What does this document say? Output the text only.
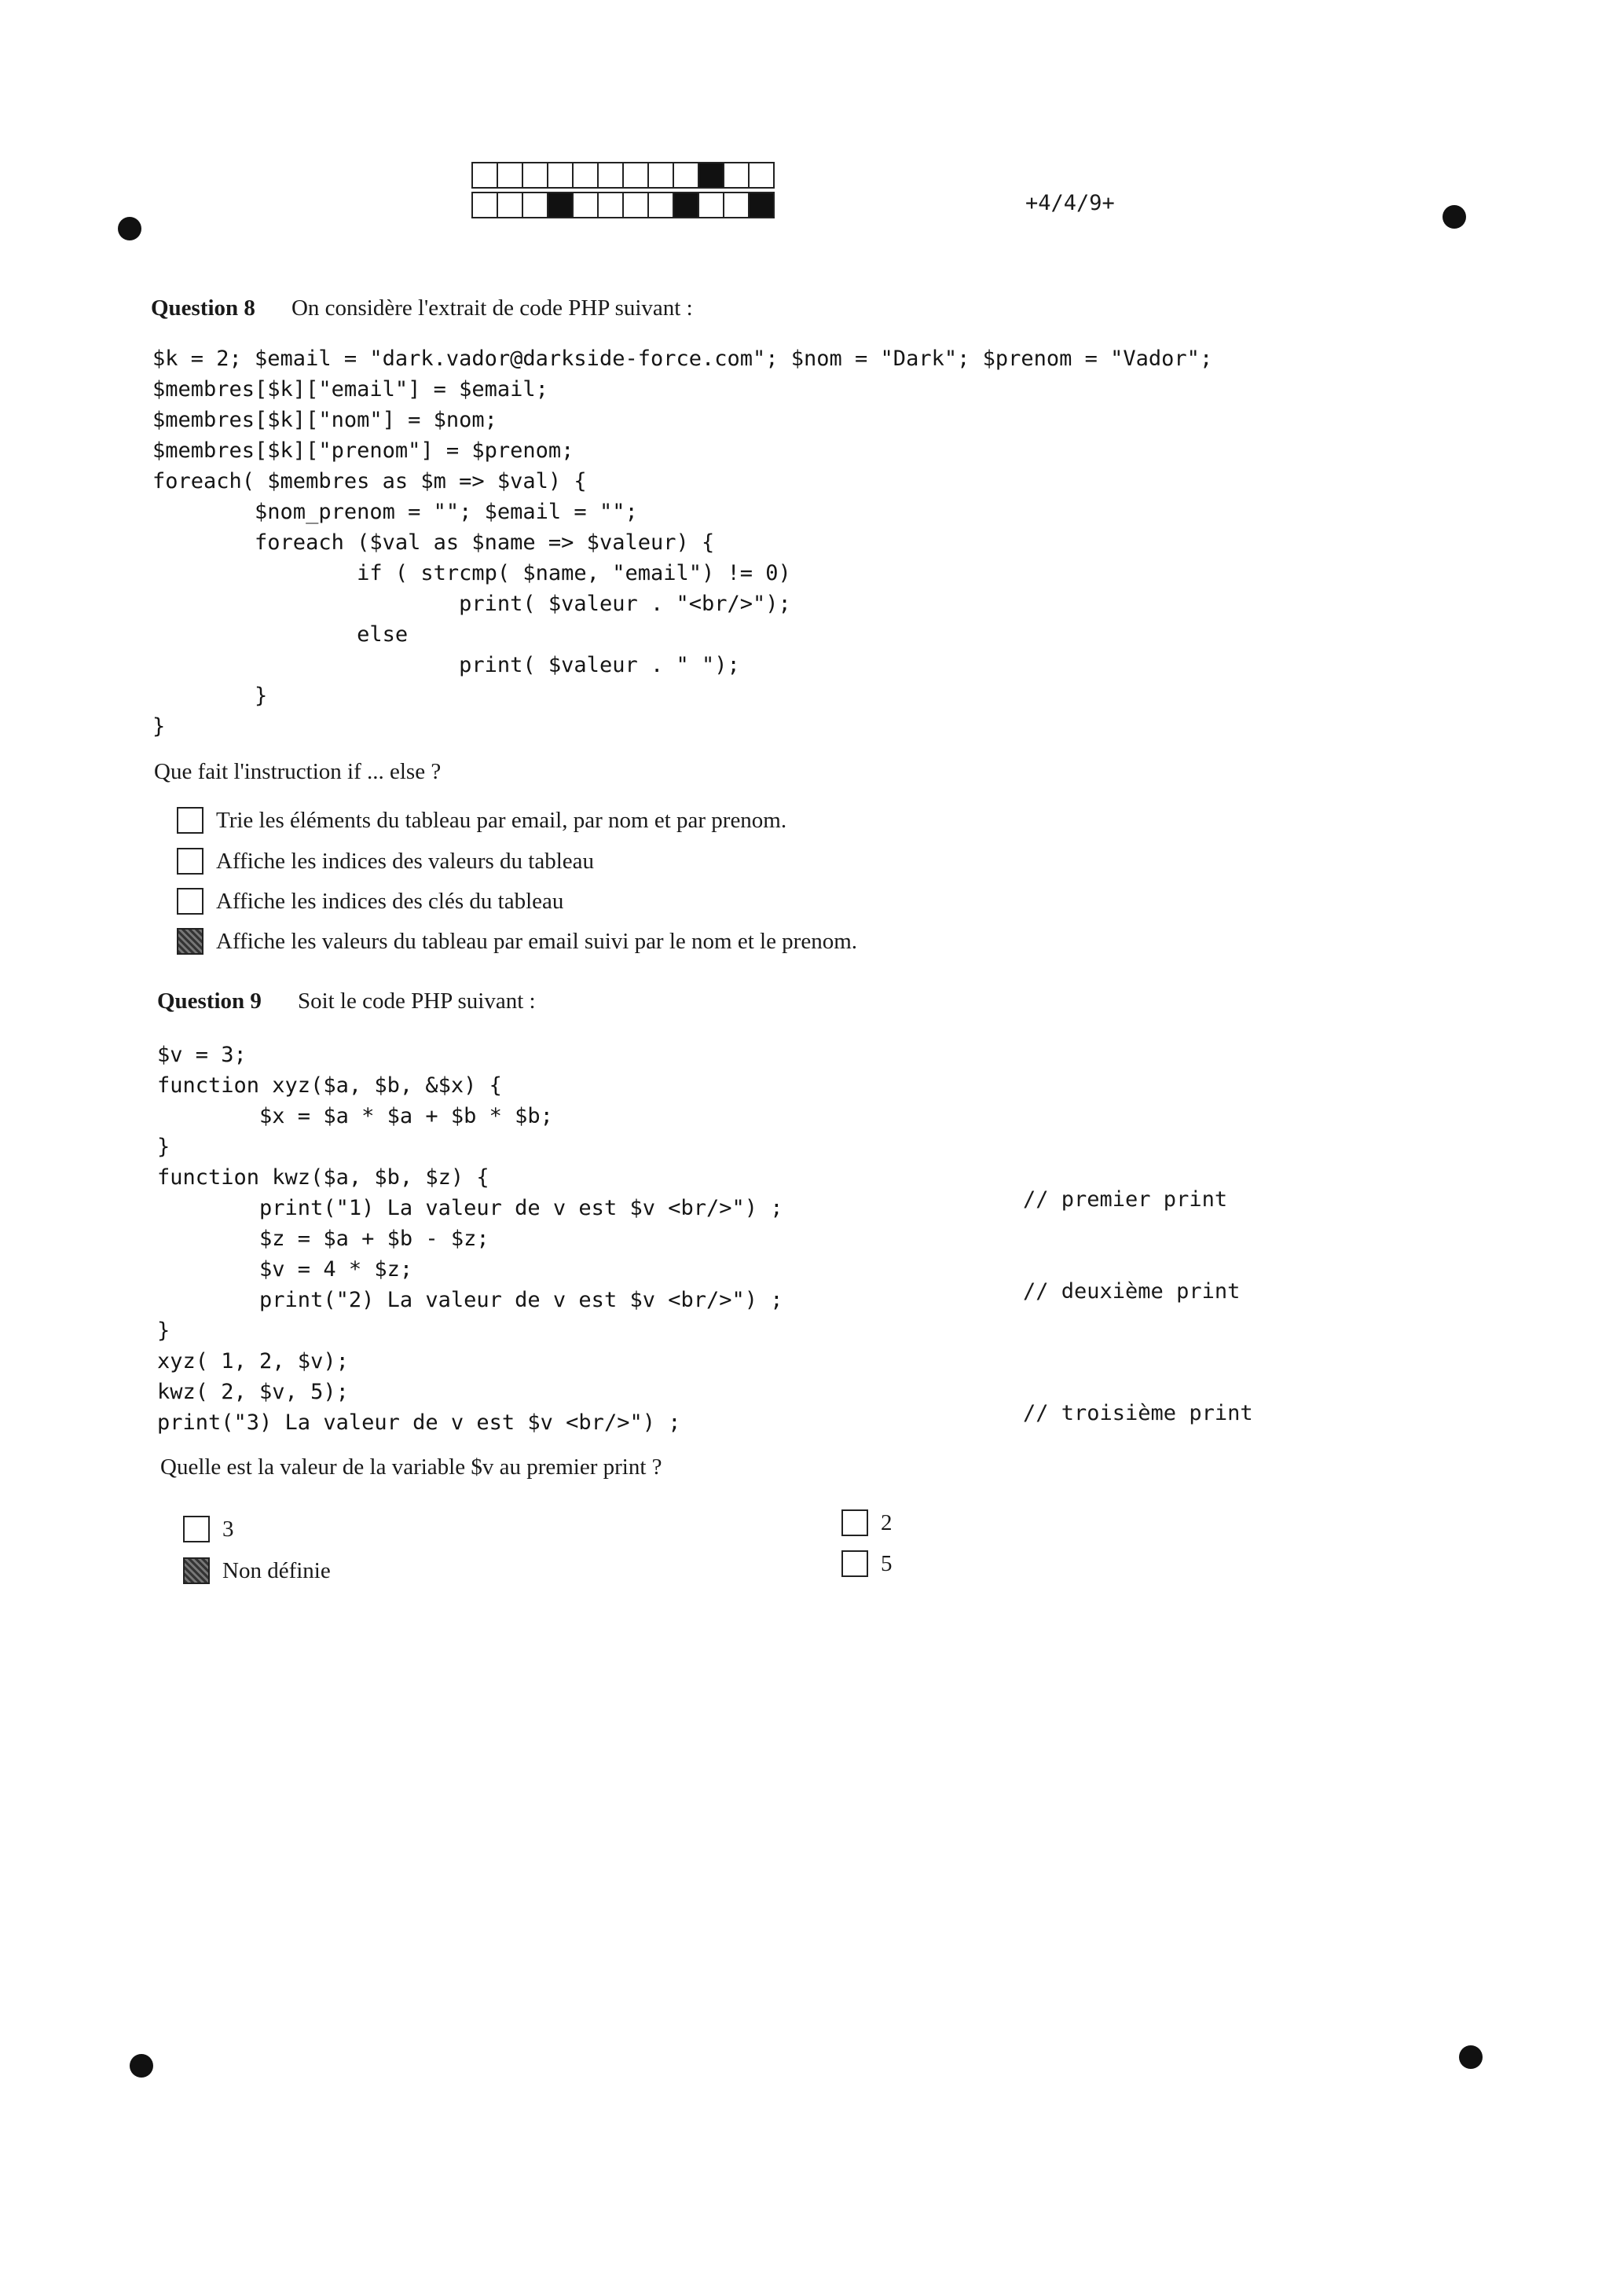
+4/4/9+
Question 8 On considère l'extrait de code PHP suivant :
$k = 2; $email = "dark.vador@darkside-force.com"; $nom = "Dark"; $prenom = "Vador";
$membres[$k]["email"] = $email;
$membres[$k]["nom"] = $nom;
$membres[$k]["prenom"] = $prenom;
foreach( $membres as $m => $val) {
$nom_prenom = ""; $email = "";
foreach ($val as $name => $valeur) {
if ( strcmp( $name, "email") != 0)
print( $valeur . "<br/>");
else
print( $valeur . " ");
}
}
Que fait l'instruction if ... else ?
Trie les éléments du tableau par email, par nom et par prenom.
Affiche les indices des valeurs du tableau
Affiche les indices des clés du tableau
Affiche les valeurs du tableau par email suivi par le nom et le prenom.
Question 9 Soit le code PHP suivant :
$v = 3;
function xyz($a, $b, &$x) {
$x = $a * $a + $b * $b;
}
function kwz($a, $b, $z) {
print("1) La valeur de v est $v <br/>") ;
$z = $a + $b - $z;
$v = 4 * $z;
print("2) La valeur de v est $v <br/>") ;
}
xyz( 1, 2, $v);
kwz( 2, $v, 5);
print("3) La valeur de v est $v <br/>") ;
// premier print
// deuxième print
// troisième print
Quelle est la valeur de la variable $v au premier print ?
3
Non définie
2
5
